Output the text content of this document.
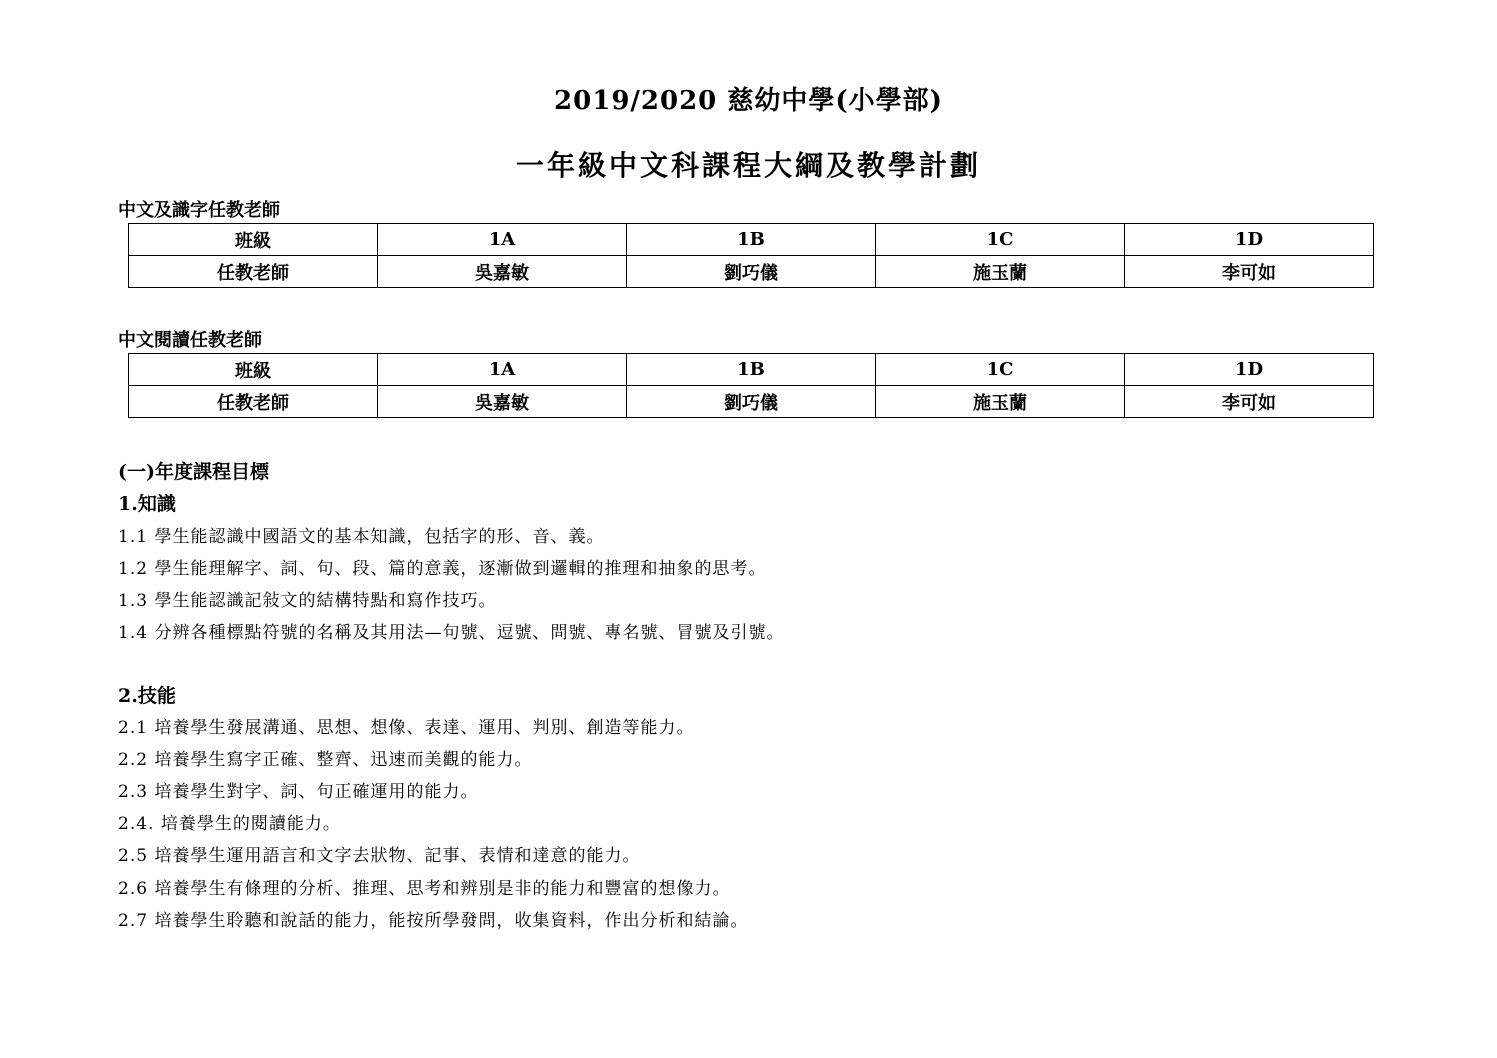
2019/2020 慈幼中學(小學部)
一年級中文科課程大綱及教學計劃
中文及識字任教老師
班級	1A	1B	1C	1D
任教老師	吳嘉敏	劉巧儀	施玉蘭	李可如
中文閱讀任教老師
班級	1A	1B	1C	1D
任教老師	吳嘉敏	劉巧儀	施玉蘭	李可如
(一)年度課程目標
1.知識
1.1 學生能認識中國語文的基本知識，包括字的形、音、義。
1.2 學生能理解字、詞、句、段、篇的意義，逐漸做到邏輯的推理和抽象的思考。
1.3 學生能認識記敍文的結構特點和寫作技巧。
1.4 分辨各種標點符號的名稱及其用法—句號、逗號、問號、專名號、冒號及引號。
2.技能
2.1 培養學生發展溝通、思想、想像、表達、運用、判別、創造等能力。
2.2 培養學生寫字正確、整齊、迅速而美觀的能力。
2.3 培養學生對字、詞、句正確運用的能力。
2.4. 培養學生的閱讀能力。
2.5 培養學生運用語言和文字去狀物、記事、表情和達意的能力。
2.6 培養學生有條理的分析、推理、思考和辨別是非的能力和豐富的想像力。
2.7 培養學生聆聽和說話的能力，能按所學發問，收集資料，作出分析和結論。
